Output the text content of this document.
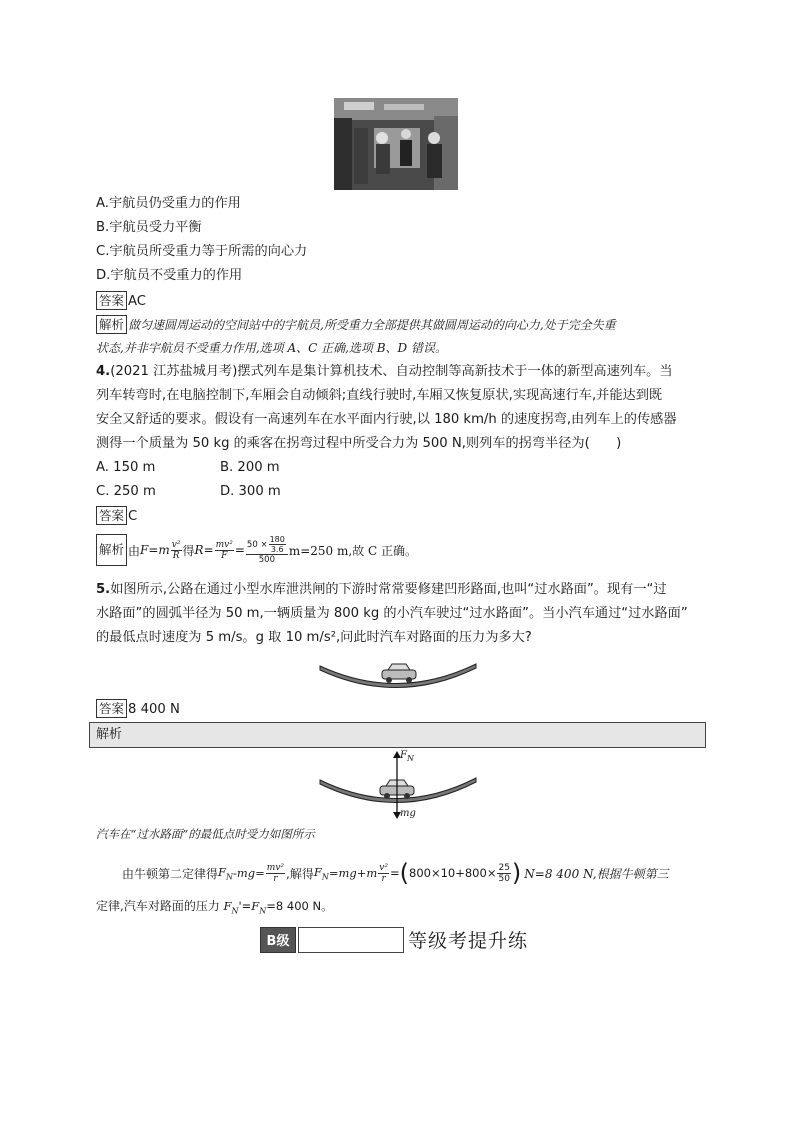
A.宇航员仍受重力的作用
B.宇航员受力平衡
C.宇航员所受重力等于所需的向心力
D.宇航员不受重力的作用
答案 AC
解析 做匀速圆周运动的空间站中的宇航员,所受重力全部提供其做圆周运动的向心力,处于完全失重
状态,并非宇航员不受重力作用,选项 A、C 正确,选项 B、D 错误。
4.(2021 江苏盐城月考)摆式列车是集计算机技术、自动控制等高新技术于一体的新型高速列车。当
列车转弯时,在电脑控制下,车厢会自动倾斜;直线行驶时,车厢又恢复原状,实现高速行车,并能达到既
安全又舒适的要求。假设有一高速列车在水平面内行驶,以 180 km/h 的速度拐弯,由列车上的传感器
测得一个质量为 50 kg 的乘客在拐弯过程中所受合力为 500 N,则列车的拐弯半径为(　　)
A. 150 m	B. 200 m
C. 250 m	D. 300 m
答案 C
解析 由 $F =m \frac{\text{v²}}{R}$ 得 $R = \frac{\text{mv²}}{F} = \frac{50 \times \frac{180}{3.6}}{500} m=250$ m,故 C 正确。
5.如图所示,公路在通过小型水库泄洪闸的下游时常常要修建凹形路面,也叫“过水路面”。现有一“过
水路面”的圆弧半径为 50 m,一辆质量为 800 kg 的小汽车驶过“过水路面”。当小汽车通过“过水路面”
的最低点时速度为 5 m/s。g 取 10 m/s²,问此时汽车对路面的压力为多大?
答案 8 400 N
解析
$F_N$
mg
汽车在“过水路面”的最低点时受力如图所示
由牛顿第二定律得 $F_N$ $-mg= \frac{\text{mv²}}{r}$ ,解得 $F_N =mg+m \frac{\text{v²}}{r}$ = ( $800\times 10+800\times \frac{25}{50}$ ) N=8 400 N,根据牛顿第三
定律,汽车对路面的压力 $F_N'=F_N=8$ 400 N。
B级	等级考提升练
